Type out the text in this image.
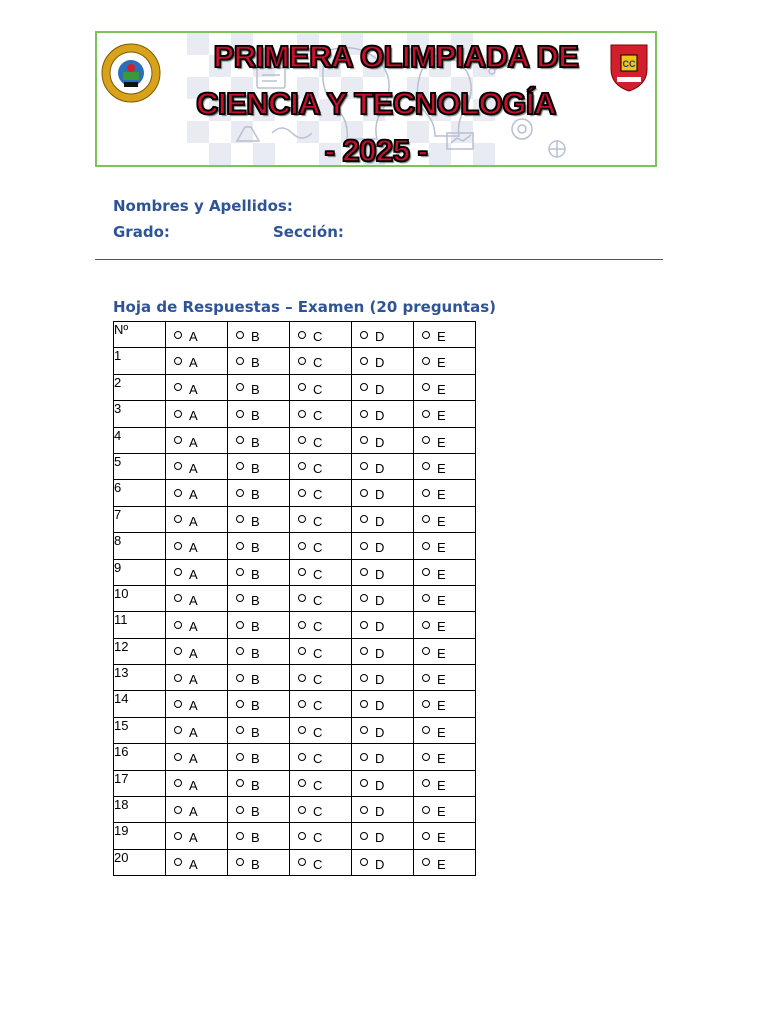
CC
PRIMERA OLIMPIADA DE
CIENCIA Y TECNOLOGÍA
- 2025 -
Nombres y Apellidos:
Grado:	Sección:
Hoja de Respuestas – Examen (20 preguntas)
Nº	A	B	C	D	E

1	A	B	C	D	E

2	A	B	C	D	E

3	A	B	C	D	E

4	A	B	C	D	E

5	A	B	C	D	E

6	A	B	C	D	E

7	A	B	C	D	E

8	A	B	C	D	E

9	A	B	C	D	E

10	A	B	C	D	E

11	A	B	C	D	E

12	A	B	C	D	E

13	A	B	C	D	E

14	A	B	C	D	E

15	A	B	C	D	E

16	A	B	C	D	E

17	A	B	C	D	E

18	A	B	C	D	E

19	A	B	C	D	E

20	A	B	C	D	E
